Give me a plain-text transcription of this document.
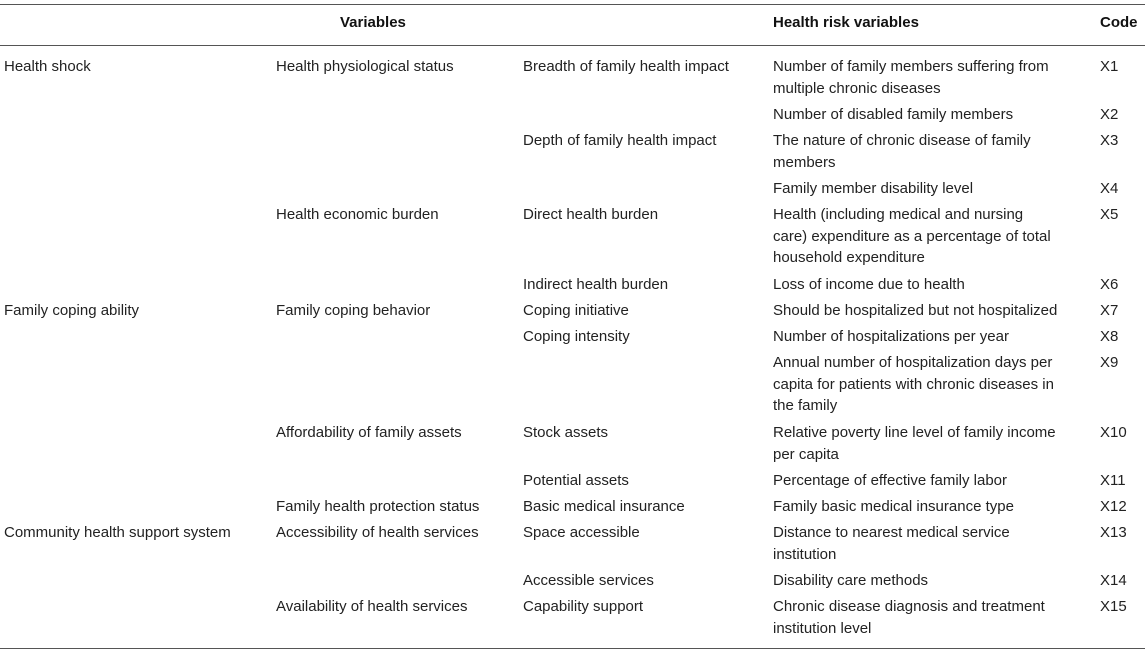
Variables	Health risk variables	Code
Health shock
Family coping ability
Community health support system
Health physiological status
Health economic burden
Family coping behavior
Affordability of family assets
Family health protection status
Accessibility of health services
Availability of health services
Breadth of family health impact
Depth of family health impact
Direct health burden
Indirect health burden
Coping initiative
Coping intensity
Stock assets
Potential assets
Basic medical insurance
Space accessible
Accessible services
Capability support
Number of family members suffering from
multiple chronic diseases
Number of disabled family members
The nature of chronic disease of family
members
Family member disability level
Health (including medical and nursing
care) expenditure as a percentage of total
household expenditure
Loss of income due to health
Should be hospitalized but not hospitalized
Number of hospitalizations per year
Annual number of hospitalization days per
capita for patients with chronic diseases in
the family
Relative poverty line level of family income
per capita
Percentage of effective family labor
Family basic medical insurance type
Distance to nearest medical service
institution
Disability care methods
Chronic disease diagnosis and treatment
institution level
X1
X2
X3
X4
X5
X6
X7
X8
X9
X10
X11
X12
X13
X14
X15
